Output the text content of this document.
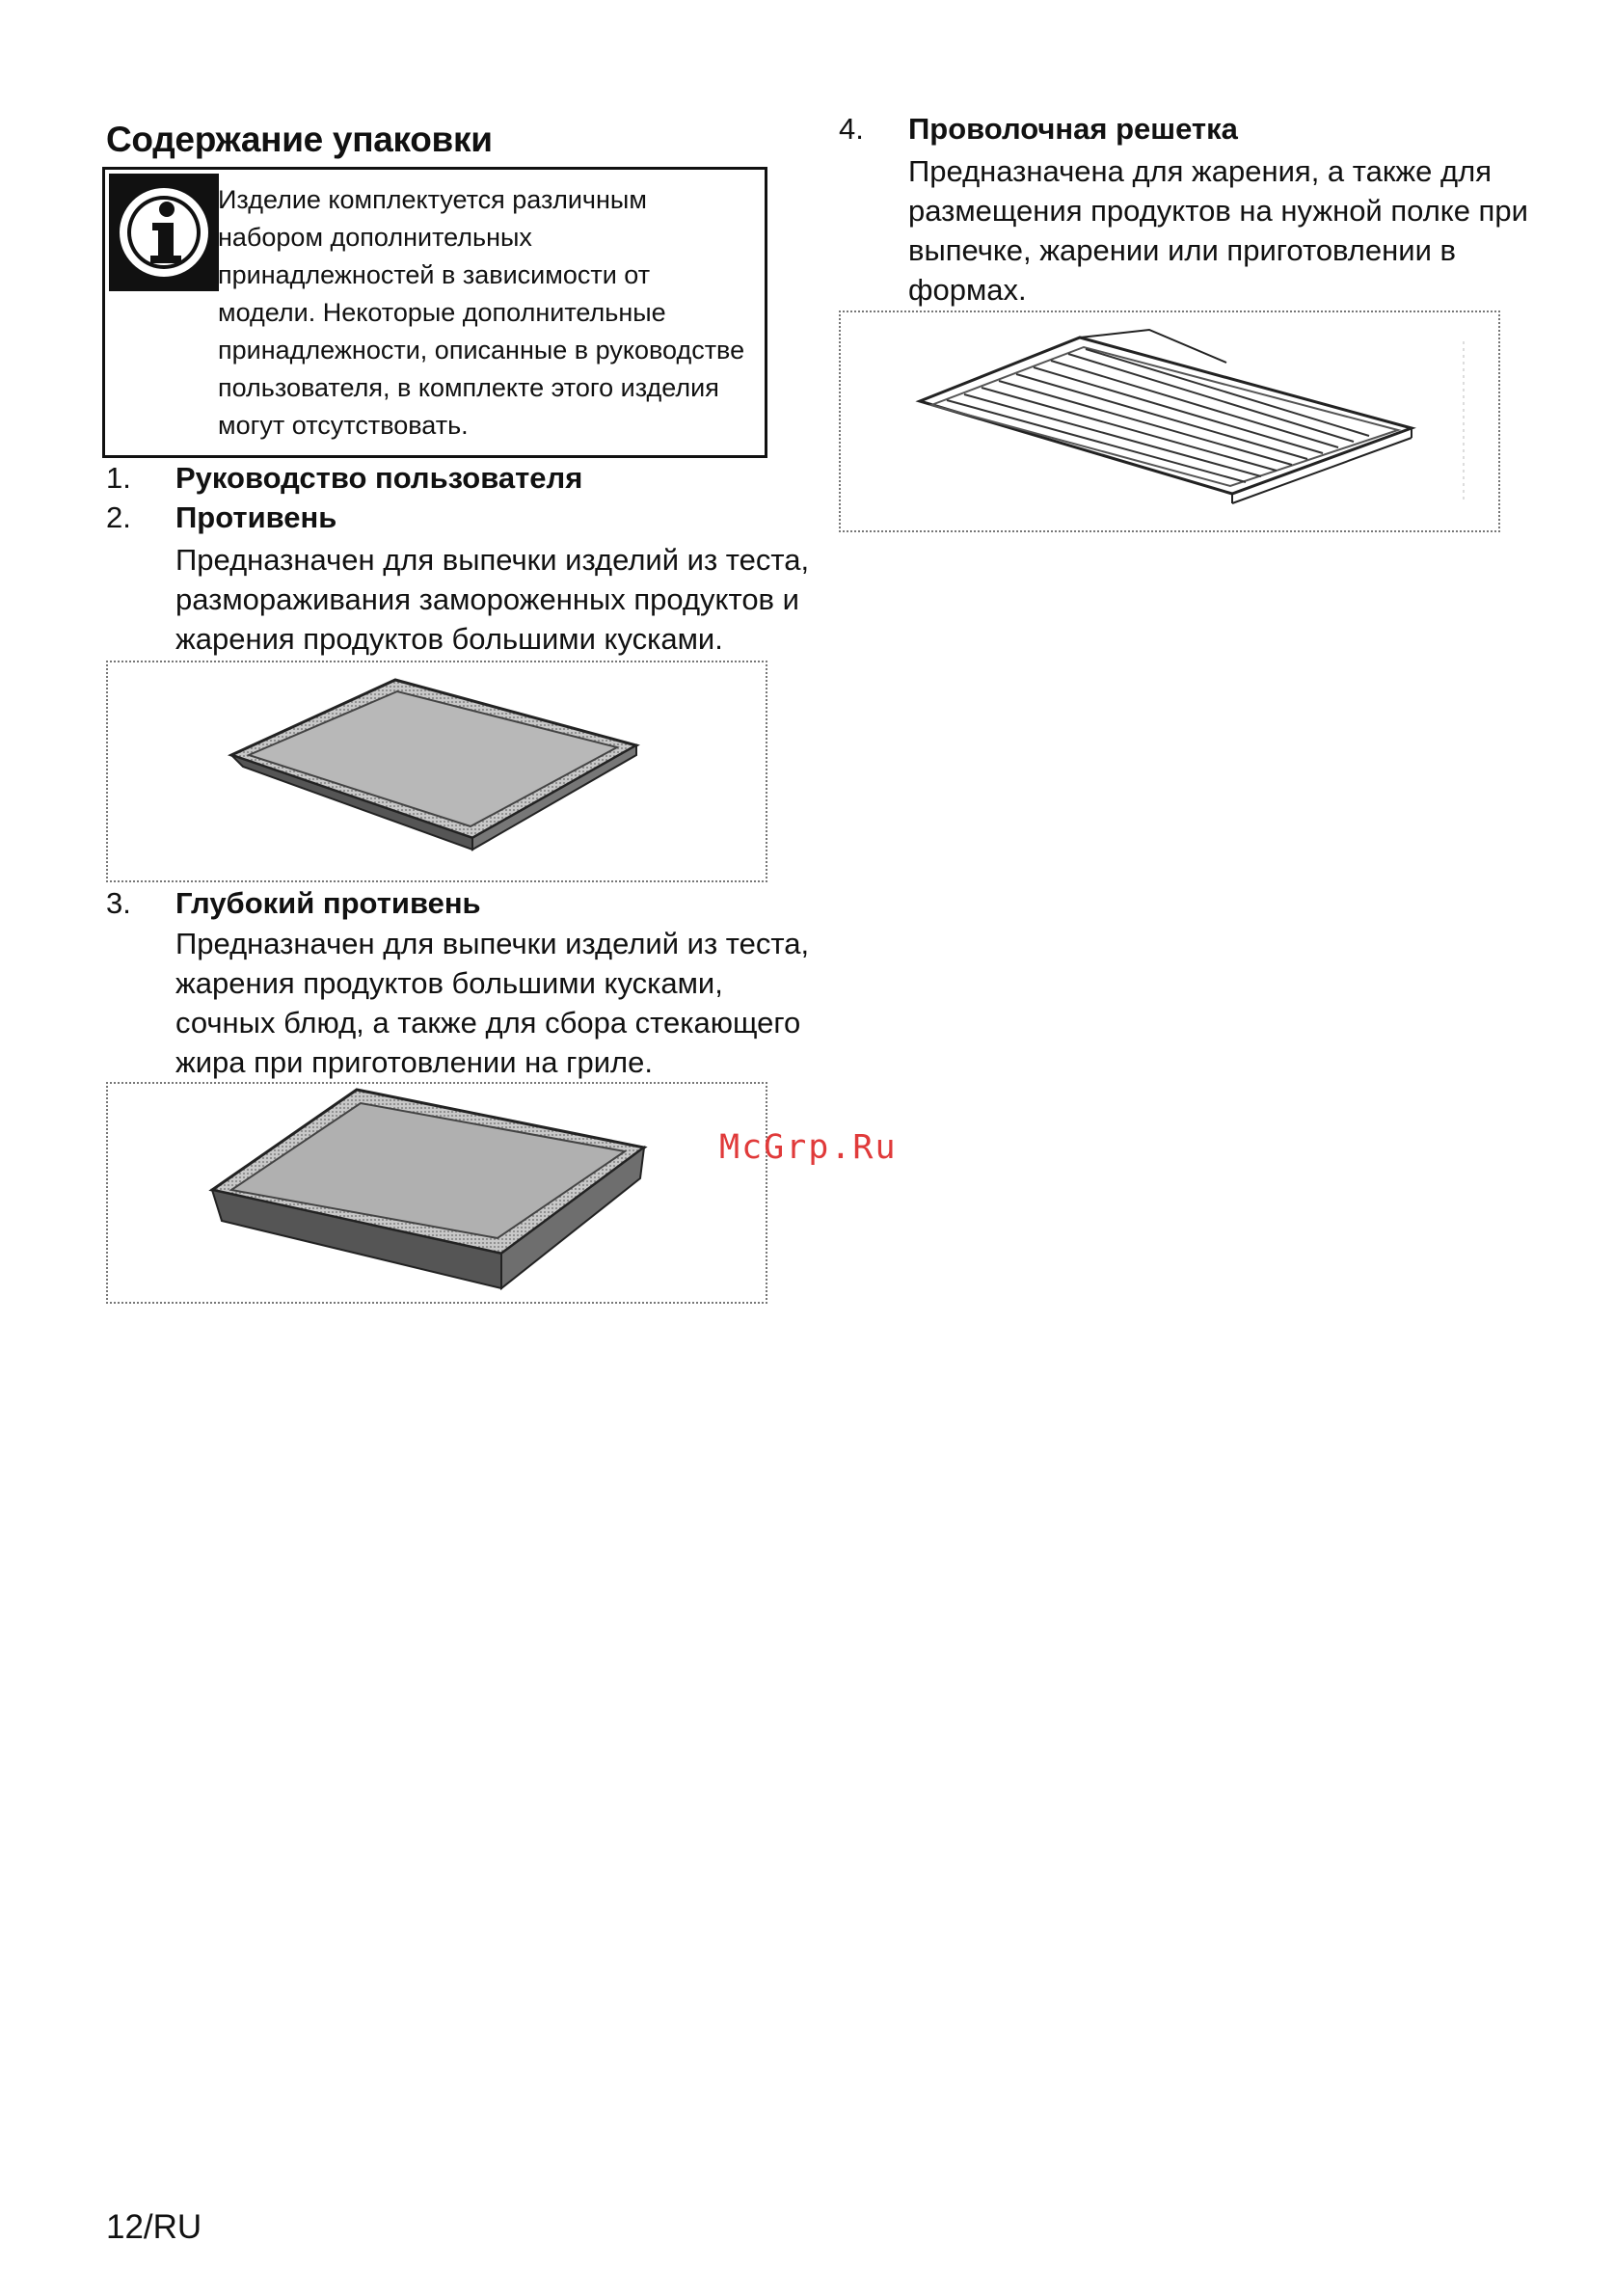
Содержание упаковки
Изделие комплектуется различным
набором дополнительных
принадлежностей в зависимости от
модели. Некоторые дополнительные
принадлежности, описанные в руководстве
пользователя, в комплекте этого изделия
могут отсутствовать.
1. Руководство пользователя
2. Противень
Предназначен для выпечки изделий из теста,
размораживания замороженных продуктов и
жарения продуктов большими кусками.
3. Глубокий противень
Предназначен для выпечки изделий из теста,
жарения продуктов большими кусками,
сочных блюд, а также для сбора стекающего
жира при приготовлении на гриле.
4. Проволочная решетка
Предназначена для жарения, а также для
размещения продуктов на нужной полке при
выпечке, жарении или приготовлении в
формах.
McGrp.Ru
12/RU
